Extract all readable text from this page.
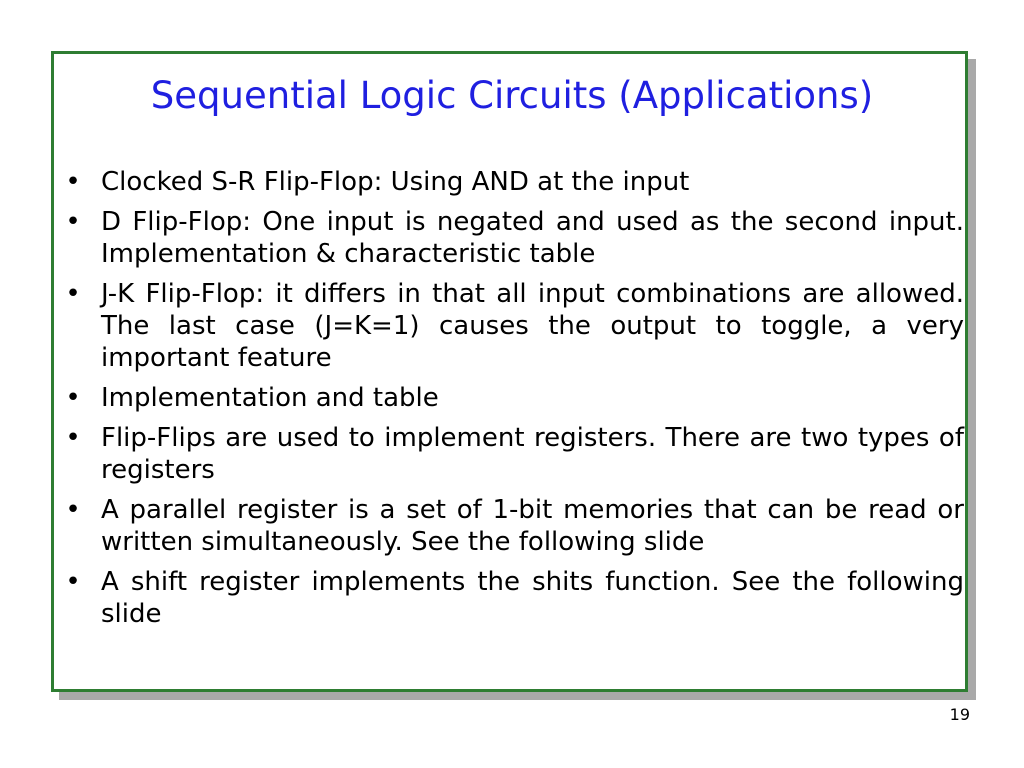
Sequential Logic Circuits (Applications)
• Clocked S-R Flip-Flop: Using AND at the input
• D Flip-Flop: One input is negated and used as the second input. Implementation & characteristic table
• J-K Flip-Flop: it differs in that all input combinations are allowed. The last case (J=K=1) causes the output to toggle, a very important feature
• Implementation and table
• Flip-Flips are used to implement registers. There are two types of registers
• A parallel register is a set of 1-bit memories that can be read or written simultaneously. See the following slide
• A shift register implements the shits function. See the following slide
19
